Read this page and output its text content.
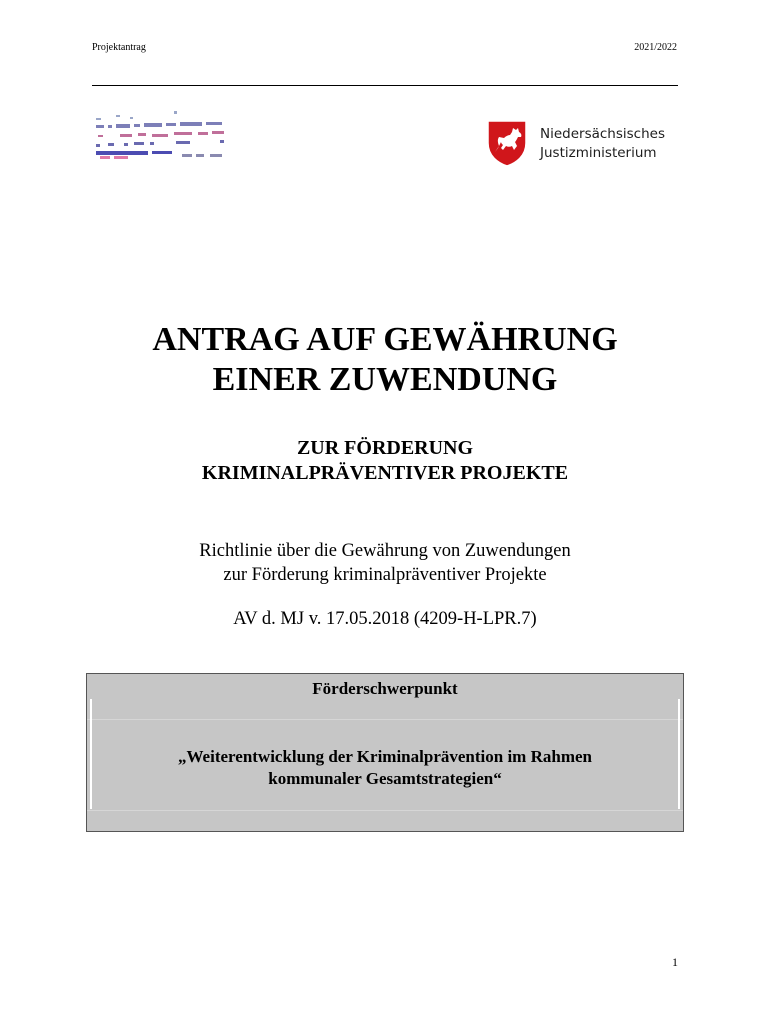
Projektantrag	2021/2022
Niedersächsisches
Justizministerium
ANTRAG AUF GEWÄHRUNG
EINER ZUWENDUNG
ZUR FÖRDERUNG
KRIMINALPRÄVENTIVER PROJEKTE
Richtlinie über die Gewährung von Zuwendungen
zur Förderung kriminalpräventiver Projekte
AV d. MJ v. 17.05.2018 (4209-H-LPR.7)
Förderschwerpunkt
„Weiterentwicklung der Kriminalprävention im Rahmen
kommunaler Gesamtstrategien“
1
